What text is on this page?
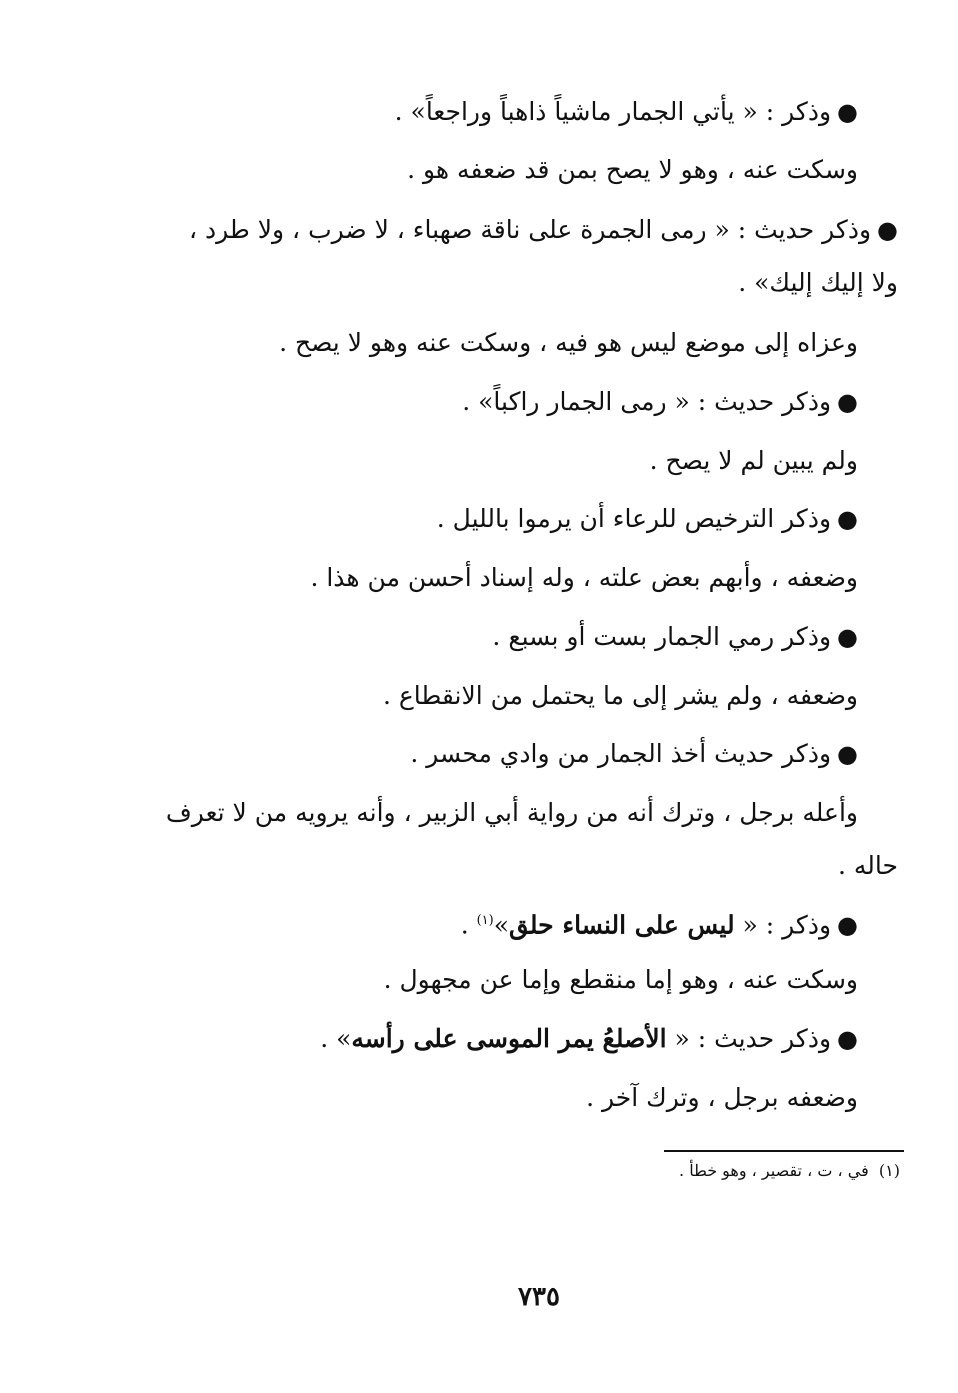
●وذكر : « يأتي الجمار ماشياً ذاهباً وراجعاً» .
وسكت عنه ، وهو لا يصح بمن قد ضعفه هو .
●وذكر حديث : « رمى الجمرة على ناقة صهباء ، لا ضرب ، ولا طرد ،
ولا إليك إليك» .
وعزاه إلى موضع ليس هو فيه ، وسكت عنه وهو لا يصح .
●وذكر حديث : « رمى الجمار راكباً» .
ولم يبين لم لا يصح .
●وذكر الترخيص للرعاء أن يرموا بالليل .
وضعفه ، وأبهم بعض علته ، وله إسناد أحسن من هذا .
●وذكر رمي الجمار بست أو بسبع .
وضعفه ، ولم يشر إلى ما يحتمل من الانقطاع .
●وذكر حديث أخذ الجمار من وادي محسر .
وأعله برجل ، وترك أنه من رواية أبي الزبير ، وأنه يرويه من لا تعرف
حاله .
●وذكر : « ليس على النساء حلق»$^{(١)}$ .
وسكت عنه ، وهو إما منقطع وإما عن مجهول .
●وذكر حديث : « الأصلعُ يمر الموسى على رأسه» .
وضعفه برجل ، وترك آخر .
(١)  في ، ت ، تقصير ، وهو خطأ .
٧٣٥
